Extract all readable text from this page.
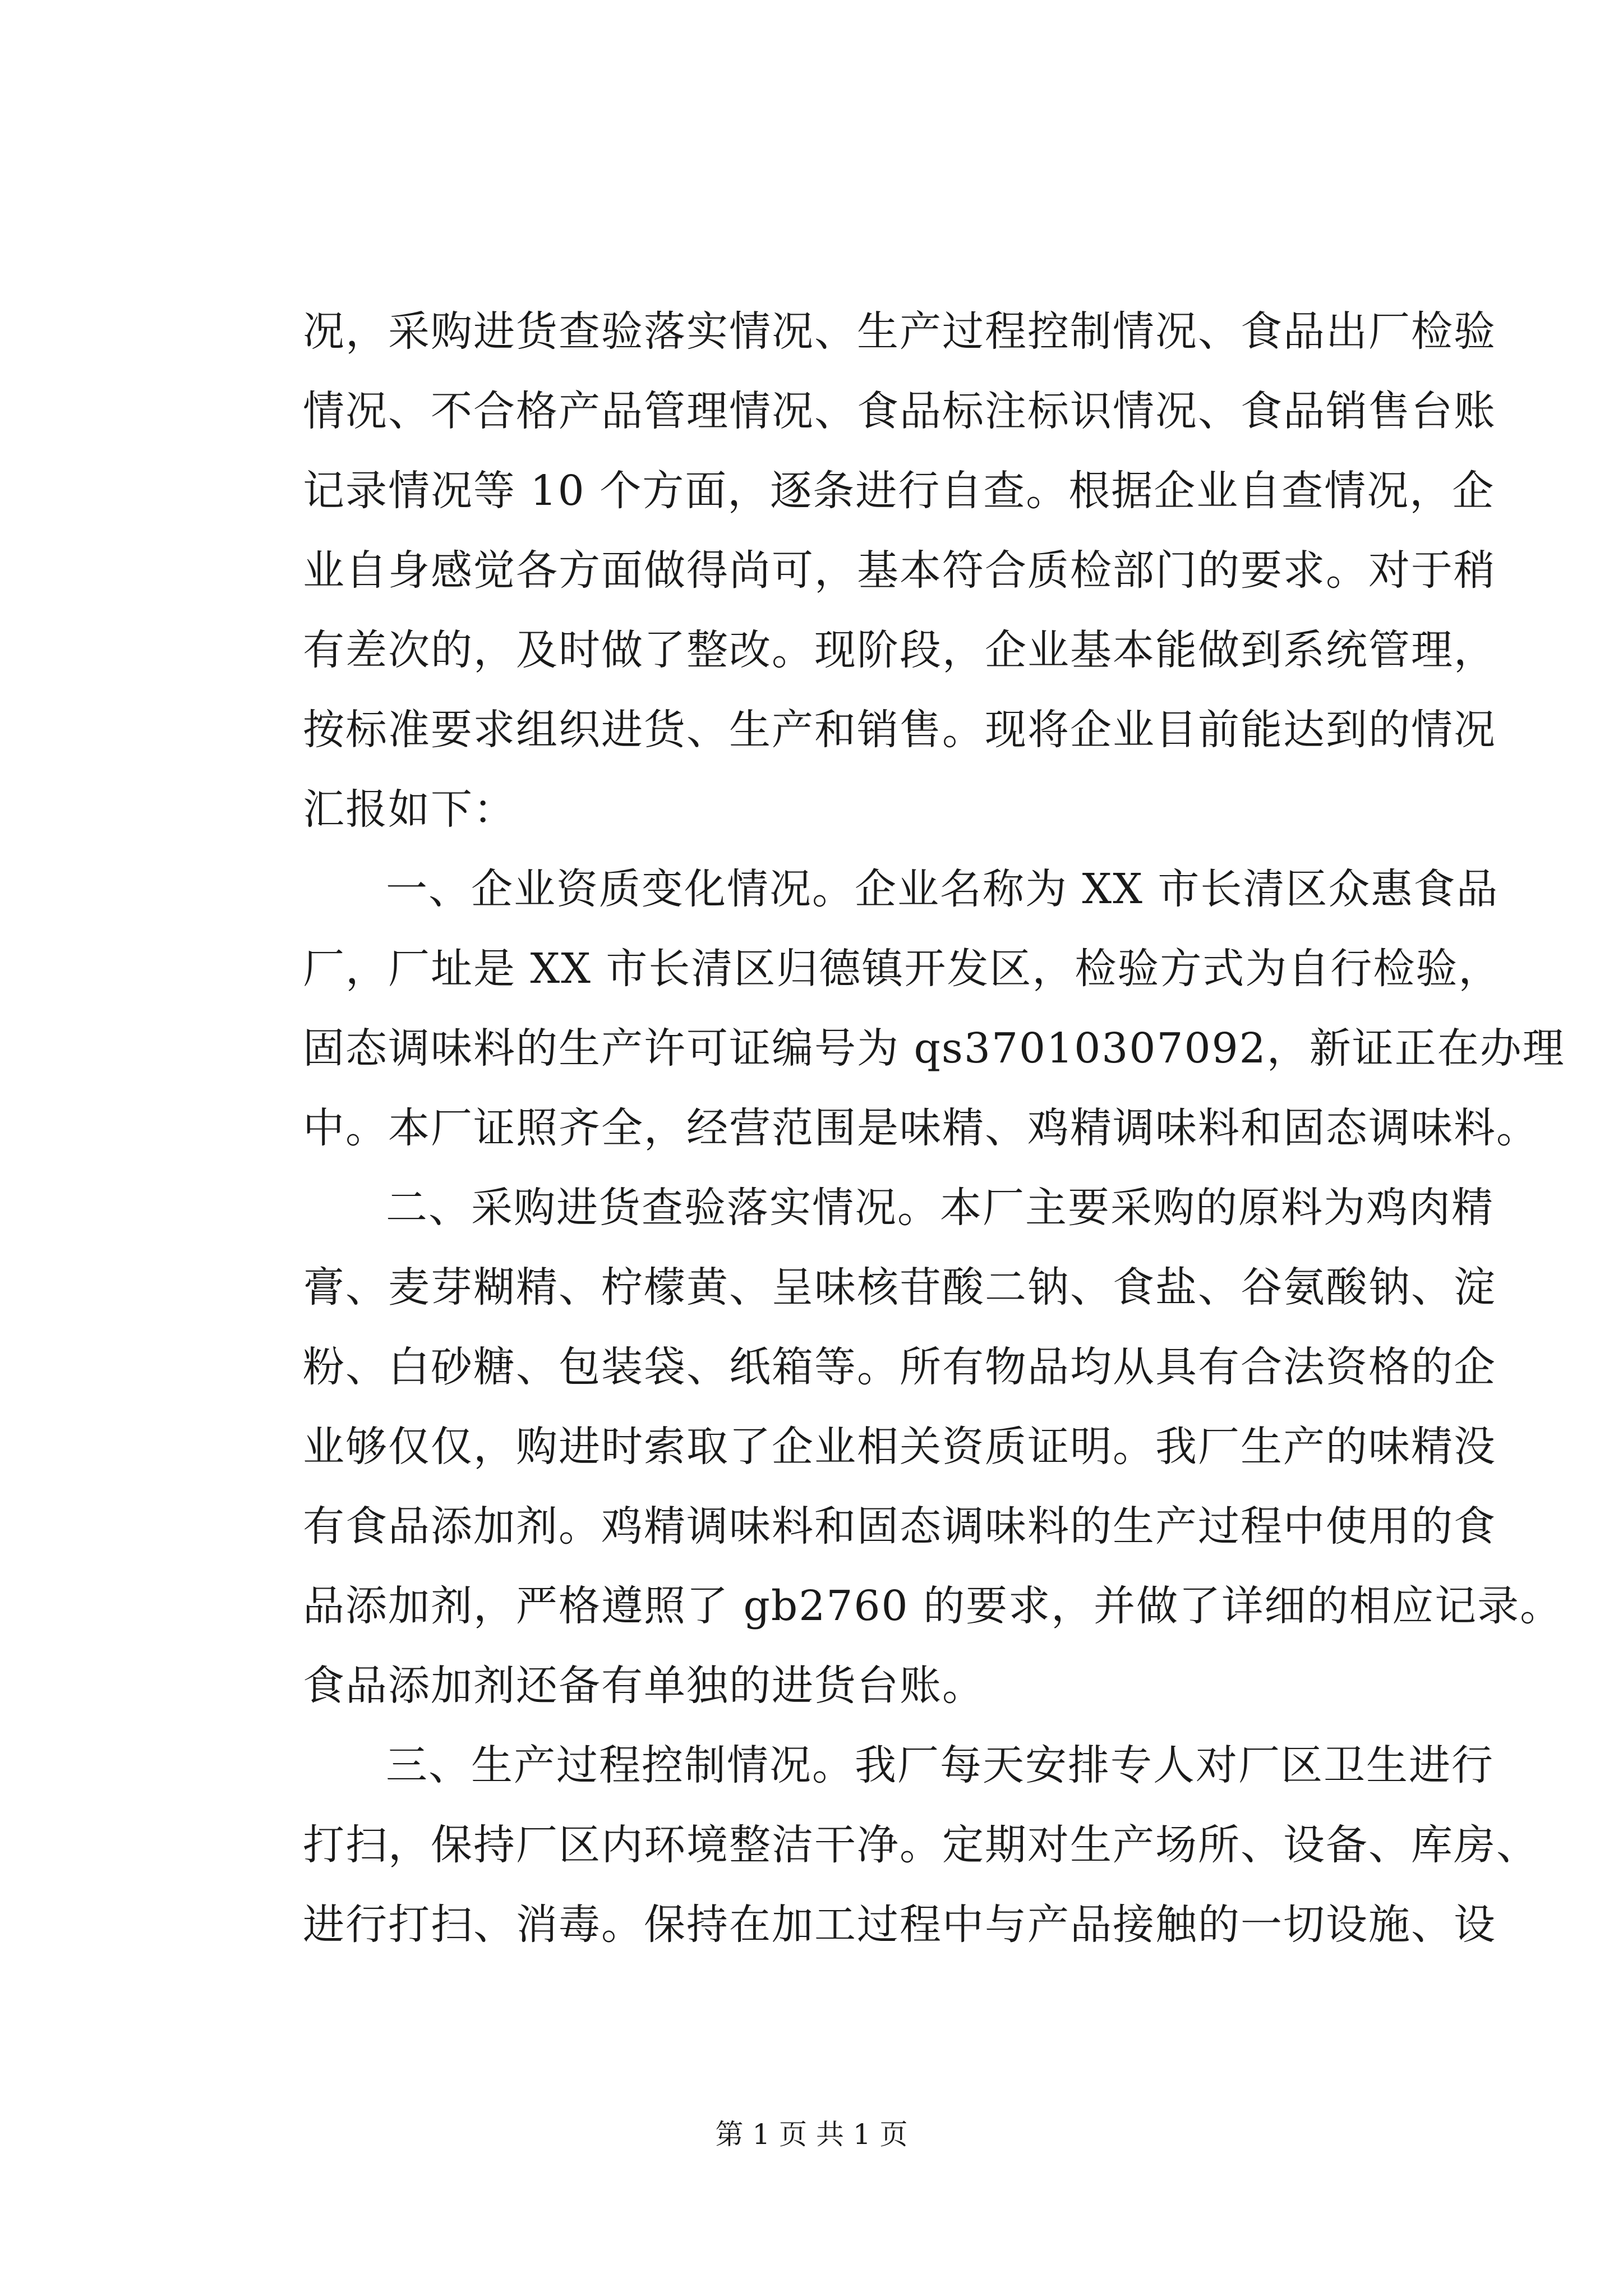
况，采购进货查验落实情况、生产过程控制情况、食品出厂检验
情况、不合格产品管理情况、食品标注标识情况、食品销售台账
记录情况等 10 个方面，逐条进行自查。根据企业自查情况，企
业自身感觉各方面做得尚可，基本符合质检部门的要求。对于稍
有差次的，及时做了整改。现阶段，企业基本能做到系统管理，
按标准要求组织进货、生产和销售。现将企业目前能达到的情况
汇报如下：
一、企业资质变化情况。企业名称为 XX 市长清区众惠食品
厂，厂址是 XX 市长清区归德镇开发区，检验方式为自行检验，
固态调味料的生产许可证编号为 qs37010307092，新证正在办理
中。本厂证照齐全，经营范围是味精、鸡精调味料和固态调味料。
二、采购进货查验落实情况。本厂主要采购的原料为鸡肉精
膏、麦芽糊精、柠檬黄、呈味核苷酸二钠、食盐、谷氨酸钠、淀
粉、白砂糖、包装袋、纸箱等。所有物品均从具有合法资格的企
业够仅仅，购进时索取了企业相关资质证明。我厂生产的味精没
有食品添加剂。鸡精调味料和固态调味料的生产过程中使用的食
品添加剂，严格遵照了 gb2760 的要求，并做了详细的相应记录。
食品添加剂还备有单独的进货台账。
三、生产过程控制情况。我厂每天安排专人对厂区卫生进行
打扫，保持厂区内环境整洁干净。定期对生产场所、设备、库房、
进行打扫、消毒。保持在加工过程中与产品接触的一切设施、设
第 1 页 共 1 页
